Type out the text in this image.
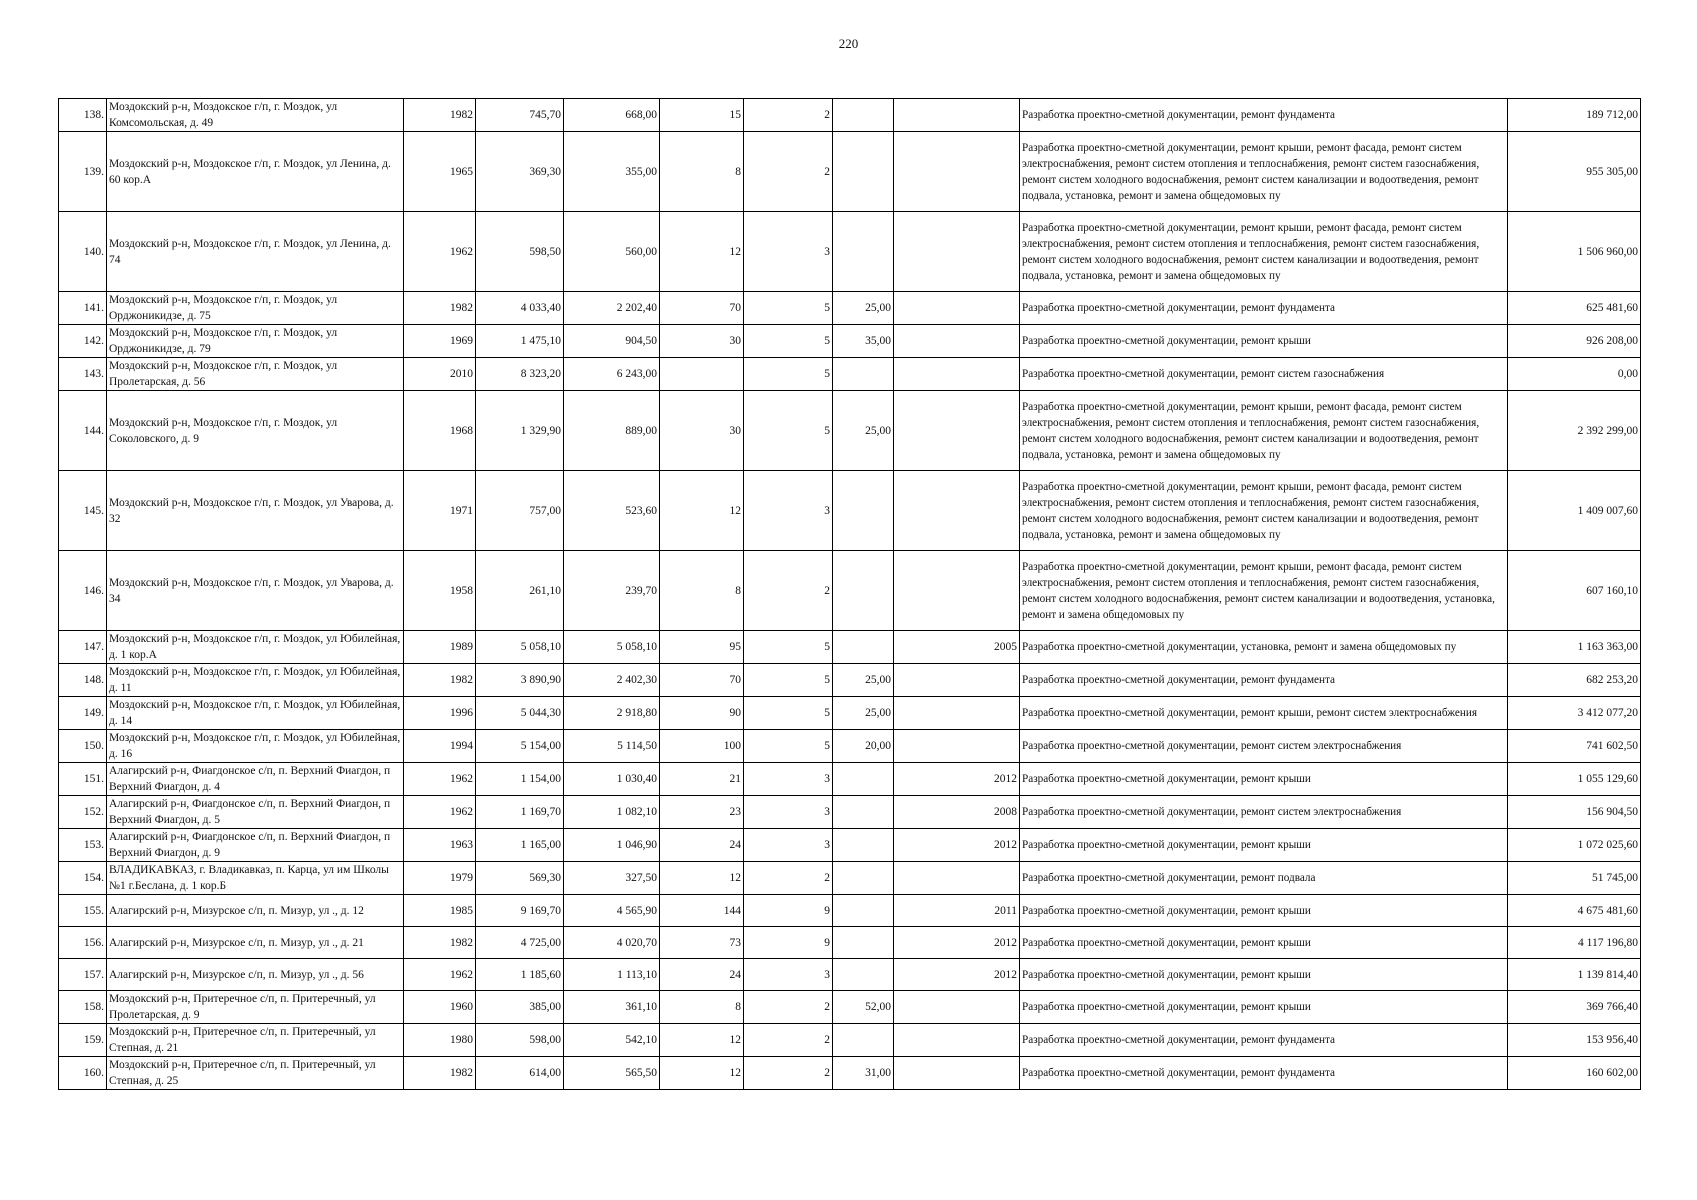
220
138.	Моздокский р-н, Моздокское г/п, г. Моздок, ул Комсомольская, д. 49	1982	745,70	668,00	15	2			Разработка проектно-сметной документации, ремонт фундамента	189 712,00
139.	Моздокский р-н, Моздокское г/п, г. Моздок, ул Ленина, д. 60 кор.А	1965	369,30	355,00	8	2			Разработка проектно-сметной документации, ремонт крыши, ремонт фасада, ремонт систем электроснабжения, ремонт систем отопления и теплоснабжения, ремонт систем газоснабжения, ремонт систем холодного водоснабжения, ремонт систем канализации и водоотведения, ремонт подвала, установка, ремонт и замена общедомовых пу	955 305,00
140.	Моздокский р-н, Моздокское г/п, г. Моздок, ул Ленина, д. 74	1962	598,50	560,00	12	3			Разработка проектно-сметной документации, ремонт крыши, ремонт фасада, ремонт систем электроснабжения, ремонт систем отопления и теплоснабжения, ремонт систем газоснабжения, ремонт систем холодного водоснабжения, ремонт систем канализации и водоотведения, ремонт подвала, установка, ремонт и замена общедомовых пу	1 506 960,00
141.	Моздокский р-н, Моздокское г/п, г. Моздок, ул Орджоникидзе, д. 75	1982	4 033,40	2 202,40	70	5	25,00		Разработка проектно-сметной документации, ремонт фундамента	625 481,60
142.	Моздокский р-н, Моздокское г/п, г. Моздок, ул Орджоникидзе, д. 79	1969	1 475,10	904,50	30	5	35,00		Разработка проектно-сметной документации, ремонт крыши	926 208,00
143.	Моздокский р-н, Моздокское г/п, г. Моздок, ул Пролетарская, д. 56	2010	8 323,20	6 243,00		5			Разработка проектно-сметной документации, ремонт систем газоснабжения	0,00
144.	Моздокский р-н, Моздокское г/п, г. Моздок, ул Соколовского, д. 9	1968	1 329,90	889,00	30	5	25,00		Разработка проектно-сметной документации, ремонт крыши, ремонт фасада, ремонт систем электроснабжения, ремонт систем отопления и теплоснабжения, ремонт систем газоснабжения, ремонт систем холодного водоснабжения, ремонт систем канализации и водоотведения, ремонт подвала, установка, ремонт и замена общедомовых пу	2 392 299,00
145.	Моздокский р-н, Моздокское г/п, г. Моздок, ул Уварова, д. 32	1971	757,00	523,60	12	3			Разработка проектно-сметной документации, ремонт крыши, ремонт фасада, ремонт систем электроснабжения, ремонт систем отопления и теплоснабжения, ремонт систем газоснабжения, ремонт систем холодного водоснабжения, ремонт систем канализации и водоотведения, ремонт подвала, установка, ремонт и замена общедомовых пу	1 409 007,60
146.	Моздокский р-н, Моздокское г/п, г. Моздок, ул Уварова, д. 34	1958	261,10	239,70	8	2			Разработка проектно-сметной документации, ремонт крыши, ремонт фасада, ремонт систем электроснабжения, ремонт систем отопления и теплоснабжения, ремонт систем газоснабжения, ремонт систем холодного водоснабжения, ремонт систем канализации и водоотведения, установка, ремонт и замена общедомовых пу	607 160,10
147.	Моздокский р-н, Моздокское г/п, г. Моздок, ул Юбилейная, д. 1 кор.А	1989	5 058,10	5 058,10	95	5		2005	Разработка проектно-сметной документации, установка, ремонт и замена общедомовых пу	1 163 363,00
148.	Моздокский р-н, Моздокское г/п, г. Моздок, ул Юбилейная, д. 11	1982	3 890,90	2 402,30	70	5	25,00		Разработка проектно-сметной документации, ремонт фундамента	682 253,20
149.	Моздокский р-н, Моздокское г/п, г. Моздок, ул Юбилейная, д. 14	1996	5 044,30	2 918,80	90	5	25,00		Разработка проектно-сметной документации, ремонт крыши, ремонт систем электроснабжения	3 412 077,20
150.	Моздокский р-н, Моздокское г/п, г. Моздок, ул Юбилейная, д. 16	1994	5 154,00	5 114,50	100	5	20,00		Разработка проектно-сметной документации, ремонт систем электроснабжения	741 602,50
151.	Алагирский р-н, Фиагдонское с/п, п. Верхний Фиагдон, п Верхний Фиагдон, д. 4	1962	1 154,00	1 030,40	21	3		2012	Разработка проектно-сметной документации, ремонт крыши	1 055 129,60
152.	Алагирский р-н, Фиагдонское с/п, п. Верхний Фиагдон, п Верхний Фиагдон, д. 5	1962	1 169,70	1 082,10	23	3		2008	Разработка проектно-сметной документации, ремонт систем электроснабжения	156 904,50
153.	Алагирский р-н, Фиагдонское с/п, п. Верхний Фиагдон, п Верхний Фиагдон, д. 9	1963	1 165,00	1 046,90	24	3		2012	Разработка проектно-сметной документации, ремонт крыши	1 072 025,60
154.	ВЛАДИКАВКАЗ, г. Владикавказ, п. Карца, ул им Школы №1 г.Беслана, д. 1 кор.Б	1979	569,30	327,50	12	2			Разработка проектно-сметной документации, ремонт подвала	51 745,00
155.	Алагирский р-н, Мизурское с/п, п. Мизур, ул ., д. 12	1985	9 169,70	4 565,90	144	9		2011	Разработка проектно-сметной документации, ремонт крыши	4 675 481,60
156.	Алагирский р-н, Мизурское с/п, п. Мизур, ул ., д. 21	1982	4 725,00	4 020,70	73	9		2012	Разработка проектно-сметной документации, ремонт крыши	4 117 196,80
157.	Алагирский р-н, Мизурское с/п, п. Мизур, ул ., д. 56	1962	1 185,60	1 113,10	24	3		2012	Разработка проектно-сметной документации, ремонт крыши	1 139 814,40
158.	Моздокский р-н, Притеречное с/п, п. Притеречный, ул Пролетарская, д. 9	1960	385,00	361,10	8	2	52,00		Разработка проектно-сметной документации, ремонт крыши	369 766,40
159.	Моздокский р-н, Притеречное с/п, п. Притеречный, ул Степная, д. 21	1980	598,00	542,10	12	2			Разработка проектно-сметной документации, ремонт фундамента	153 956,40
160.	Моздокский р-н, Притеречное с/п, п. Притеречный, ул Степная, д. 25	1982	614,00	565,50	12	2	31,00		Разработка проектно-сметной документации, ремонт фундамента	160 602,00
